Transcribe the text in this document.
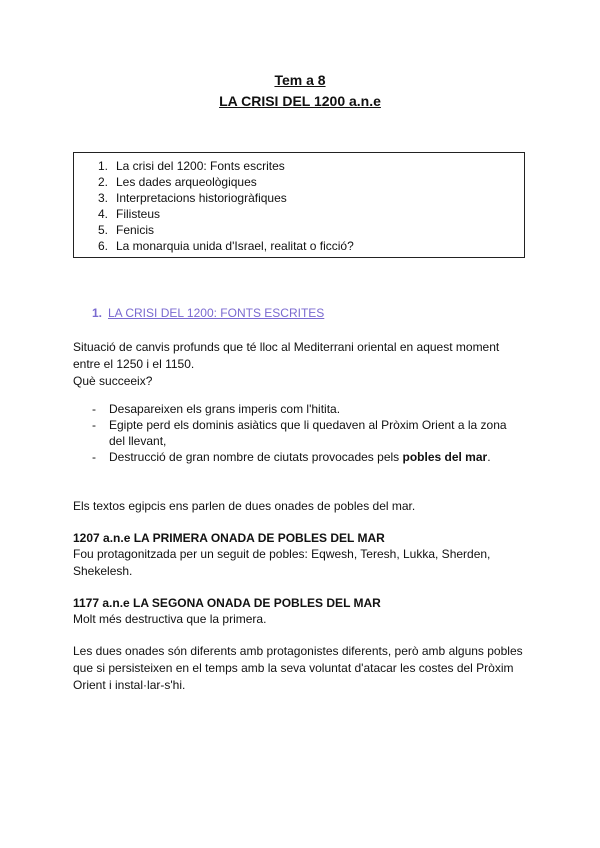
Tem a 8
LA CRISI DEL 1200 a.n.e
1. La crisi del 1200: Fonts escrites
2. Les dades arqueològiques
3. Interpretacions historiogràfiques
4. Filisteus
5. Fenicis
6. La monarquia unida d'Israel, realitat o ficció?
1. LA CRISI DEL 1200: FONTS ESCRITES
Situació de canvis profunds que té lloc al Mediterrani oriental en aquest moment
entre el 1250 i el 1150.
Què succeeix?
-	Desapareixen els grans imperis com l'hitita.
-	Egipte perd els dominis asiàtics que li quedaven al Pròxim Orient a la zona del llevant,
-	Destrucció de gran nombre de ciutats provocades pels pobles del mar.
Els textos egipcis ens parlen de dues onades de pobles del mar.
1207 a.n.e LA PRIMERA ONADA DE POBLES DEL MAR
Fou protagonitzada per un seguit de pobles: Eqwesh, Teresh, Lukka, Sherden,
Shekelesh.
1177 a.n.e LA SEGONA ONADA DE POBLES DEL MAR
Molt més destructiva que la primera.
Les dues onades són diferents amb protagonistes diferents, però amb alguns pobles
que si persisteixen en el temps amb la seva voluntat d'atacar les costes del Pròxim
Orient i instal·lar-s'hi.
